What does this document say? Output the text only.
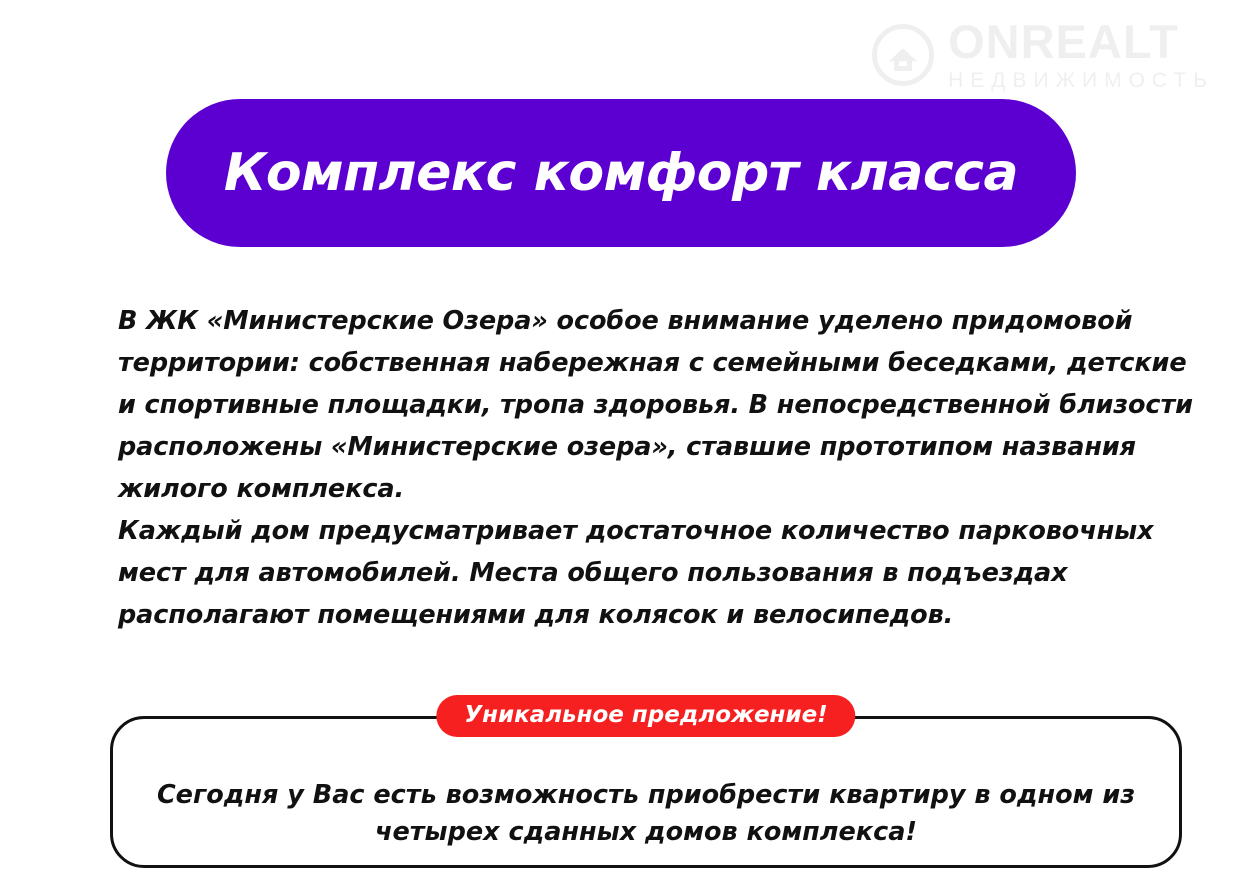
ONREALT
НЕДВИЖИМОСТЬ
Комплекс комфорт класса

В ЖК «Министерские Озера» особое внимание уделено придомовой территории: собственная набережная с семейными беседками, детские и спортивные площадки, тропа здоровья. В непосредственной близости расположены «Министерские озера», ставшие прототипом названия жилого комплекса.

Каждый дом предусматривает достаточное количество парковочных мест для автомобилей. Места общего пользования в подъездах располагают помещениями для колясок и велосипедов.

Уникальное предложение!
Сегодня у Вас есть возможность приобрести квартиру в одном из четырех сданных домов комплекса!
